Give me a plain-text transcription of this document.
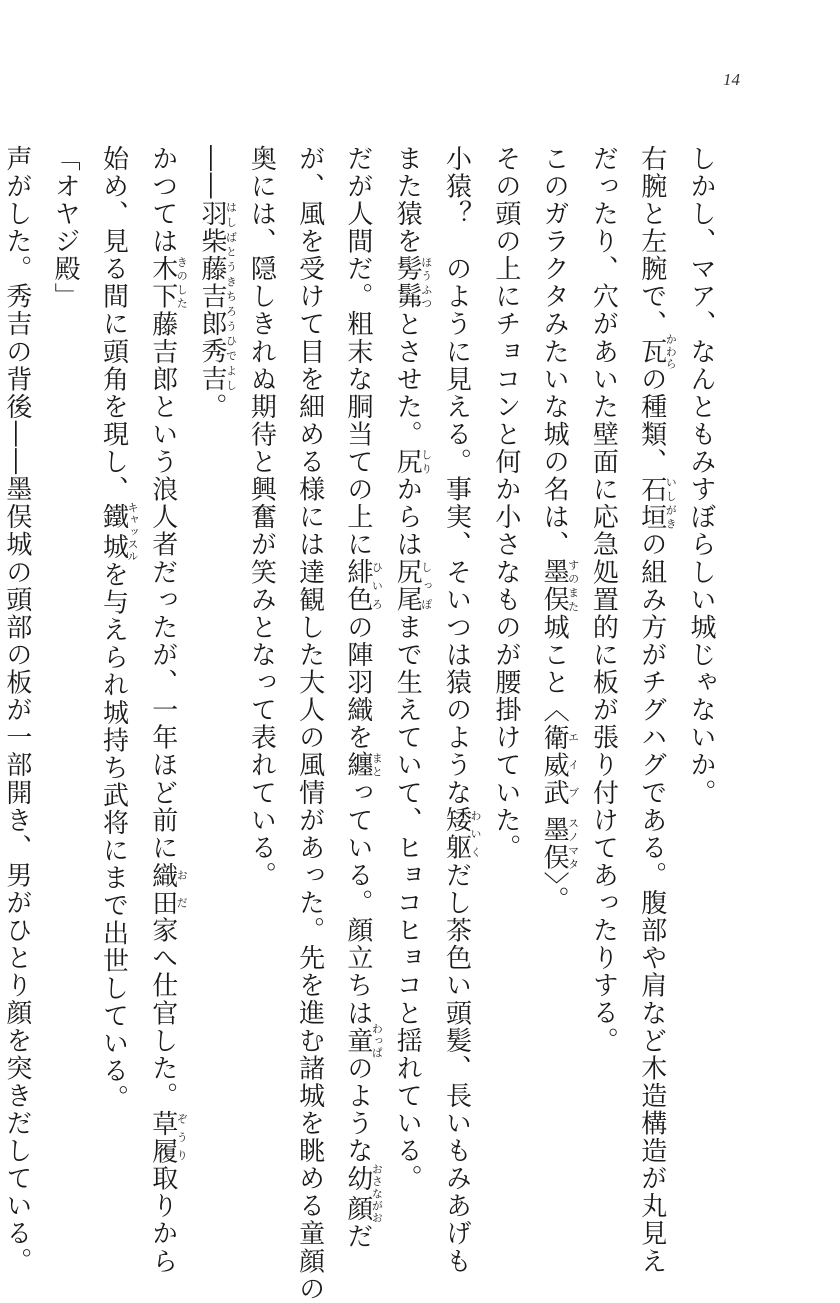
14
しかし、マア、なんともみすぼらしい城じゃないか。
右腕と左腕で、瓦かわらの種類、石垣いしがきの組み方がチグハグである。腹部や肩など木造構造が丸見え
だったり、穴があいた壁面に応急処置的に板が張り付けてあったりする。
このガラクタみたいな城の名は、墨俣すのまた城こと〈衛威武エイブ 墨俣スノマタ〉。
その頭の上にチョコンと何か小さなものが腰掛けていた。
小猿？　のように見える。事実、そいつは猿のような矮躯わいくだし茶色い頭髪、長いもみあげも
また猿を髣髴ほうふつとさせた。尻しりからは尻尾しっぽまで生えていて、ヒョコヒョコと揺れている。
だが人間だ。粗末な胴当ての上に緋色ひいろの陣羽織を纏まとっている。顔立ちは童わっぱのような幼顔おさながおだ
が、風を受けて目を細める様には達観した大人の風情があった。先を進む諸城を眺める童顔の
奥には、隠しきれぬ期待と興奮が笑みとなって表れている。
――羽柴藤吉郎秀吉はしばとうきちろうひでよし。
かつては木下きのした藤吉郎という浪人者だったが、一年ほど前に織田おだ家へ仕官した。草履ぞうり取りから
始め、見る間に頭角を現し、鐵城キャッスルを与えられ城持ち武将にまで出世している。
「オヤジ殿」
声がした。秀吉の背後――墨俣城の頭部の板が一部開き、男がひとり顔を突きだしている。
